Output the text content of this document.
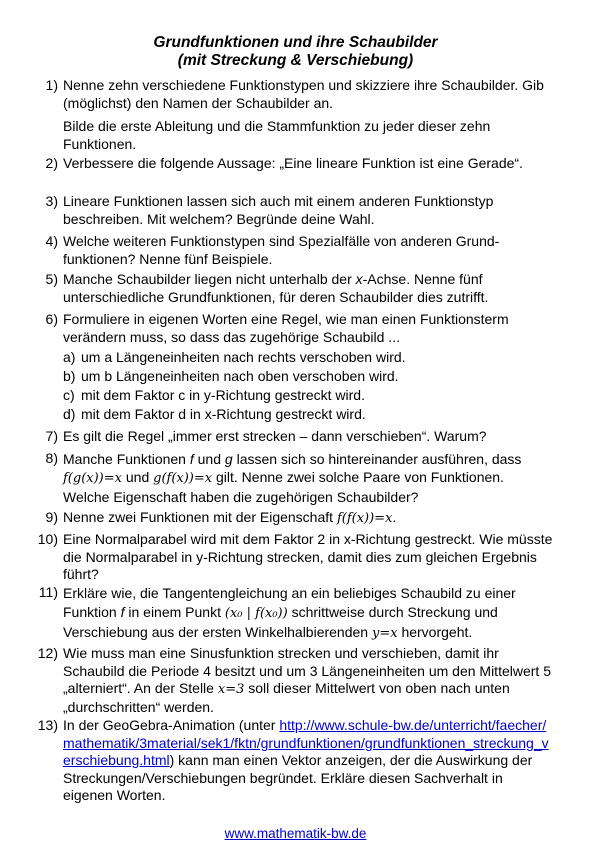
Grundfunktionen und ihre Schaubilder
(mit Streckung & Verschiebung)
1) Nenne zehn verschiedene Funktionstypen und skizziere ihre Schaubilder. Gib (möglichst) den Namen der Schaubilder an.
Bilde die erste Ableitung und die Stammfunktion zu jeder dieser zehn Funktionen.
2) Verbessere die folgende Aussage: „Eine lineare Funktion ist eine Gerade“.
3) Lineare Funktionen lassen sich auch mit einem anderen Funktionstyp beschreiben. Mit welchem? Begründe deine Wahl.
4) Welche weiteren Funktionstypen sind Spezialfälle von anderen Grund-funktionen? Nenne fünf Beispiele.
5) Manche Schaubilder liegen nicht unterhalb der x-Achse. Nenne fünf unterschiedliche Grundfunktionen, für deren Schaubilder dies zutrifft.
6) Formuliere in eigenen Worten eine Regel, wie man einen Funktionsterm verändern muss, so dass das zugehörige Schaubild ...
a) um a Längeneinheiten nach rechts verschoben wird.
b) um b Längeneinheiten nach oben verschoben wird.
c) mit dem Faktor c in y-Richtung gestreckt wird.
d) mit dem Faktor d in x-Richtung gestreckt wird.
7) Es gilt die Regel „immer erst strecken – dann verschieben“. Warum?
8) Manche Funktionen f und g lassen sich so hintereinander ausführen, dass
f(g(x))=x und g(f(x))=x gilt. Nenne zwei solche Paare von Funktionen. Welche Eigenschaft haben die zugehörigen Schaubilder?
9) Nenne zwei Funktionen mit der Eigenschaft f(f(x))=x.
10) Eine Normalparabel wird mit dem Faktor 2 in x-Richtung gestreckt. Wie müsste die Normalparabel in y-Richtung strecken, damit dies zum gleichen Ergebnis führt?
11) Erkläre wie, die Tangentengleichung an ein beliebiges Schaubild zu einer Funktion f in einem Punkt (x₀ | f(x₀)) schrittweise durch Streckung und Verschiebung aus der ersten Winkelhalbierenden y=x hervorgeht.
12) Wie muss man eine Sinusfunktion strecken und verschieben, damit ihr Schaubild die Periode 4 besitzt und um 3 Längeneinheiten um den Mittelwert 5 „alterniert“. An der Stelle x=3 soll dieser Mittelwert von oben nach unten „durchschritten“ werden.
13) In der GeoGebra-Animation (unter http://www.schule-bw.de/unterricht/faecher/mathematik/3material/sek1/fktn/grundfunktionen/grundfunktionen_streckung_verschiebung.html) kann man einen Vektor anzeigen, der die Auswirkung der Streckungen/Verschiebungen begründet. Erkläre diesen Sachverhalt in eigenen Worten.
www.mathematik-bw.de
